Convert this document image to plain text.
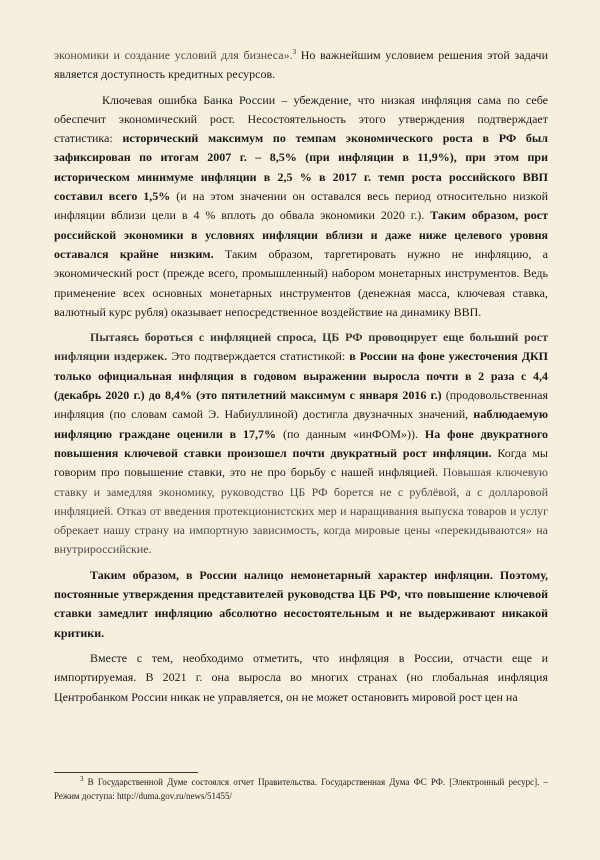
экономики и создание условий для бизнеса».$^3$ Но важнейшим условием решения этой задачи является доступность кредитных ресурсов.

Ключевая ошибка Банка России – убеждение, что низкая инфляция сама по себе обеспечит экономический рост. Несостоятельность этого утверждения подтверждает статистика: исторический максимум по темпам экономического роста в РФ был зафиксирован по итогам 2007 г. – 8,5% (при инфляции в 11,9%), при этом при историческом минимуме инфляции в 2,5 % в 2017 г. темп роста российского ВВП составил всего 1,5% (и на этом значении он оставался весь период относительно низкой инфляции вблизи цели в 4 % вплоть до обвала экономики 2020 г.). Таким образом, рост российской экономики в условиях инфляции вблизи и даже ниже целевого уровня оставался крайне низким. Таким образом, таргетировать нужно не инфляцию, а экономический рост (прежде всего, промышленный) набором монетарных инструментов. Ведь применение всех основных монетарных инструментов (денежная масса, ключевая ставка, валютный курс рубля) оказывает непосредственное воздействие на динамику ВВП.

Пытаясь бороться с инфляцией спроса, ЦБ РФ провоцирует еще больший рост инфляции издержек. Это подтверждается статистикой: в России на фоне ужесточения ДКП только официальная инфляция в годовом выражении выросла почти в 2 раза с 4,4 (декабрь 2020 г.) до 8,4% (это пятилетний максимум с января 2016 г.) (продовольственная инфляция (по словам самой Э. Набиуллиной) достигла двузначных значений, наблюдаемую инфляцию граждане оценили в 17,7% (по данным «инФОМ»)). На фоне двукратного повышения ключевой ставки произошел почти двукратный рост инфляции. Когда мы говорим про повышение ставки, это не про борьбу с нашей инфляцией. Повышая ключевую ставку и замедляя экономику, руководство ЦБ РФ борется не с рублёвой, а с долларовой инфляцией. Отказ от введения протекционистских мер и наращивания выпуска товаров и услуг обрекает нашу страну на импортную зависимость, когда мировые цены «перекидываются» на внутрироссийские.

Таким образом, в России налицо немонетарный характер инфляции. Поэтому, постоянные утверждения представителей руководства ЦБ РФ, что повышение ключевой ставки замедлит инфляцию абсолютно несостоятельным и не выдерживают никакой критики.

Вместе с тем, необходимо отметить, что инфляция в России, отчасти еще и импортируемая. В 2021 г. она выросла во многих странах (но глобальная инфляция Центробанком России никак не управляется, он не может остановить мировой рост цен на

$^3$ В Государственной Думе состоялся отчет Правительства. Государственная Дума ФС РФ. [Электронный ресурс]. – Режим доступа: http://duma.gov.ru/news/51455/
